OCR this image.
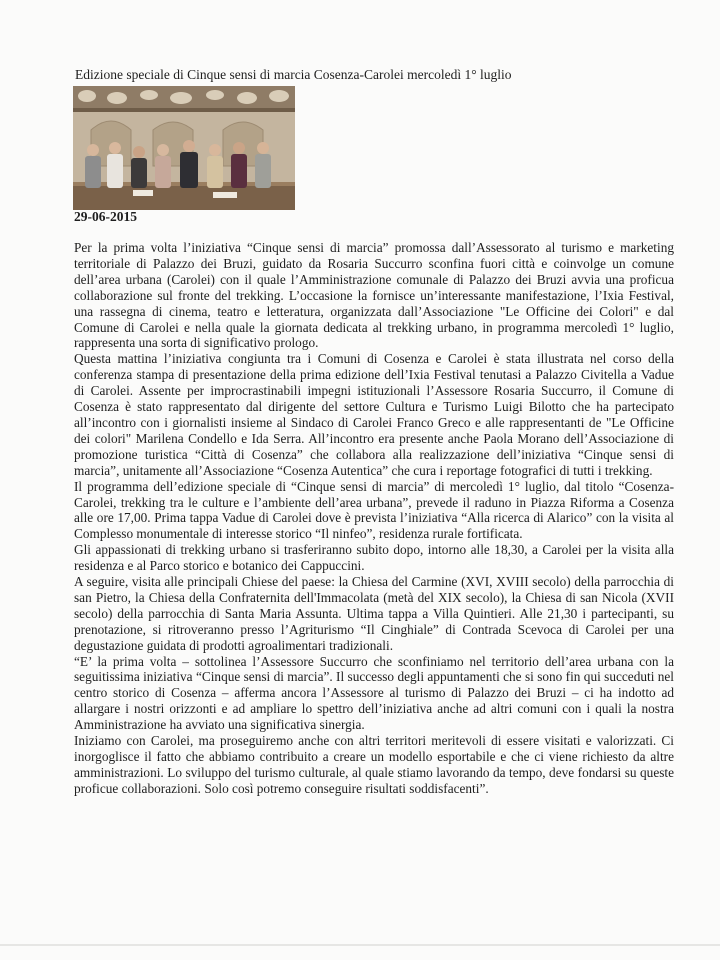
Edizione speciale di Cinque sensi di marcia Cosenza-Carolei mercoledì 1° luglio
29-06-2015

Per la prima volta l’iniziativa “Cinque sensi di marcia” promossa dall’Assessorato al turismo e marketing territoriale di Palazzo dei Bruzi, guidato da Rosaria Succurro sconfina fuori città e coinvolge un comune dell’area urbana (Carolei) con il quale l’Amministrazione comunale di Palazzo dei Bruzi avvia una proficua collaborazione sul fronte del trekking. L’occasione la fornisce un’interessante manifestazione, l’Ixia Festival, una rassegna di cinema, teatro e letteratura, organizzata dall’Associazione "Le Officine dei Colori" e dal Comune di Carolei e nella quale la giornata dedicata al trekking urbano, in programma mercoledì 1° luglio, rappresenta una sorta di significativo prologo.

Questa mattina l’iniziativa congiunta tra i Comuni di Cosenza e Carolei è stata illustrata nel corso della conferenza stampa di presentazione della prima edizione dell’Ixia Festival tenutasi a Palazzo Civitella a Vadue di Carolei. Assente per improcrastinabili impegni istituzionali l’Assessore Rosaria Succurro, il Comune di Cosenza è stato rappresentato dal dirigente del settore Cultura e Turismo Luigi Bilotto che ha partecipato all’incontro con i giornalisti insieme al Sindaco di Carolei Franco Greco e alle rappresentanti de "Le Officine dei colori" Marilena Condello e Ida Serra. All’incontro era presente anche Paola Morano dell’Associazione di promozione turistica “Città di Cosenza” che collabora alla realizzazione dell’iniziativa “Cinque sensi di marcia”, unitamente all’Associazione “Cosenza Autentica” che cura i reportage fotografici di tutti i trekking.

Il programma dell’edizione speciale di “Cinque sensi di marcia” di mercoledì 1° luglio, dal titolo “Cosenza-Carolei, trekking tra le culture e l’ambiente dell’area urbana”, prevede il raduno in Piazza Riforma a Cosenza alle ore 17,00. Prima tappa Vadue di Carolei dove è prevista l’iniziativa “Alla ricerca di Alarico” con la visita al Complesso monumentale di interesse storico “Il ninfeo”, residenza rurale fortificata.

Gli appassionati di trekking urbano si trasferiranno subito dopo, intorno alle 18,30, a Carolei per la visita alla residenza e al Parco storico e botanico dei Cappuccini.

A seguire, visita alle principali Chiese del paese: la Chiesa del Carmine (XVI, XVIII secolo) della parrocchia di san Pietro, la Chiesa della Confraternita dell'Immacolata (metà del XIX secolo), la Chiesa di san Nicola (XVII secolo) della parrocchia di Santa Maria Assunta. Ultima tappa a Villa Quintieri. Alle 21,30 i partecipanti, su prenotazione, si ritroveranno presso l’Agriturismo “Il Cinghiale” di Contrada Scevoca di Carolei per una degustazione guidata di prodotti agroalimentari tradizionali.

“E’ la prima volta – sottolinea l’Assessore Succurro che sconfiniamo nel territorio dell’area urbana con la seguitissima iniziativa “Cinque sensi di marcia”. Il successo degli appuntamenti che si sono fin qui succeduti nel centro storico di Cosenza – afferma ancora l’Assessore al turismo di Palazzo dei Bruzi – ci ha indotto ad allargare i nostri orizzonti e ad ampliare lo spettro dell’iniziativa anche ad altri comuni con i quali la nostra Amministrazione ha avviato una significativa sinergia.

Iniziamo con Carolei, ma proseguiremo anche con altri territori meritevoli di essere visitati e valorizzati. Ci inorgoglisce il fatto che abbiamo contribuito a creare un modello esportabile e che ci viene richiesto da altre amministrazioni. Lo sviluppo del turismo culturale, al quale stiamo lavorando da tempo, deve fondarsi su queste proficue collaborazioni. Solo così potremo conseguire risultati soddisfacenti”.
